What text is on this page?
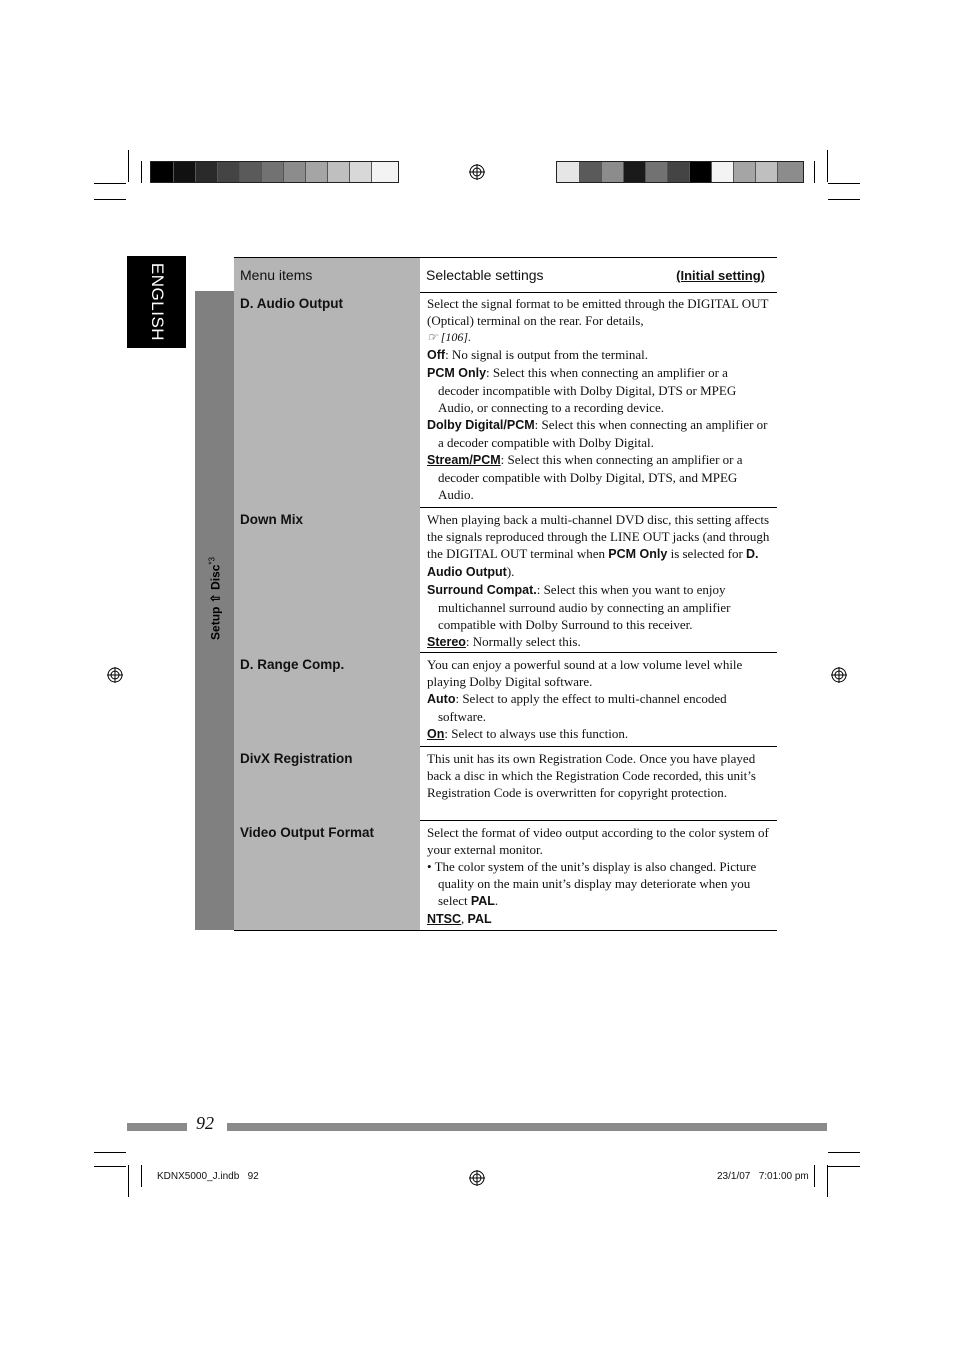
ENGLISH	Menu items	Selectable settings	(Initial setting)
Setup ⇧ Disc$^{*3}$
D. Audio Output	Select the signal format to be emitted through the DIGITAL OUT (Optical) terminal on the rear. For details,

☞ [106].

Off: No signal is output from the terminal.

PCM Only: Select this when connecting an amplifier or a decoder incompatible with Dolby Digital, DTS or MPEG Audio, or connecting to a recording device.

Dolby Digital/PCM: Select this when connecting an amplifier or a decoder compatible with Dolby Digital.

Stream/PCM: Select this when connecting an amplifier or a decoder compatible with Dolby Digital, DTS, and MPEG Audio.

Down Mix	When playing back a multi-channel DVD disc, this setting affects the signals reproduced through the LINE OUT jacks (and through the DIGITAL OUT terminal when PCM Only is selected for D. Audio Output).

Surround Compat.: Select this when you want to enjoy multichannel surround audio by connecting an amplifier compatible with Dolby Surround to this receiver.

Stereo: Normally select this.

D. Range Comp.	You can enjoy a powerful sound at a low volume level while playing Dolby Digital software.

Auto: Select to apply the effect to multi-channel encoded software.

On: Select to always use this function.

DivX Registration	This unit has its own Registration Code. Once you have played back a disc in which the Registration Code recorded, this unit’s Registration Code is overwritten for copyright protection.

Video Output Format	Select the format of video output according to the color system of your external monitor.

• The color system of the unit’s display is also changed. Picture quality on the main unit’s display may deteriorate when you select PAL.

NTSC, PAL

92
KDNX5000_J.indb   92	23/1/07   7:01:00 pm
